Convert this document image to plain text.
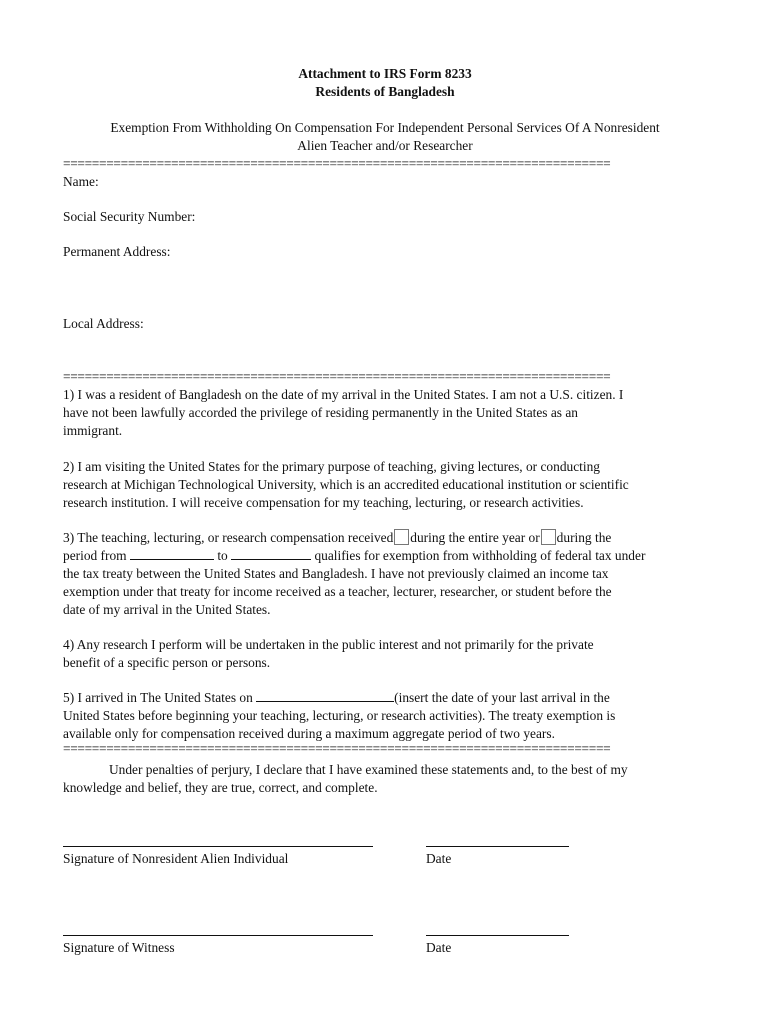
Attachment to IRS Form 8233
Residents of Bangladesh
Exemption From Withholding On Compensation For Independent Personal Services Of A Nonresident
Alien Teacher and/or Researcher
============================================================================
Name:
Social Security Number:
Permanent Address:
Local Address:
============================================================================
1) I was a resident of Bangladesh on the date of my arrival in the United States. I am not a U.S. citizen. I
have not been lawfully accorded the privilege of residing permanently in the United States as an
immigrant.
2) I am visiting the United States for the primary purpose of teaching, giving lectures, or conducting
research at Michigan Technological University, which is an accredited educational institution or scientific
research institution. I will receive compensation for my teaching, lecturing, or research activities.
3) The teaching, lecturing, or research compensation received during the entire year or during the
period from	to	qualifies for exemption from withholding of federal tax under
the tax treaty between the United States and Bangladesh. I have not previously claimed an income tax
exemption under that treaty for income received as a teacher, lecturer, researcher, or student before the
date of my arrival in the United States.
4) Any research I perform will be undertaken in the public interest and not primarily for the private
benefit of a specific person or persons.
5) I arrived in The United States on	(insert the date of your last arrival in the
United States before beginning your teaching, lecturing, or research activities). The treaty exemption is
available only for compensation received during a maximum aggregate period of two years.
============================================================================
Under penalties of perjury, I declare that I have examined these statements and, to the best of my
knowledge and belief, they are true, correct, and complete.
Signature of Nonresident Alien Individual	Date
Signature of Witness	Date
